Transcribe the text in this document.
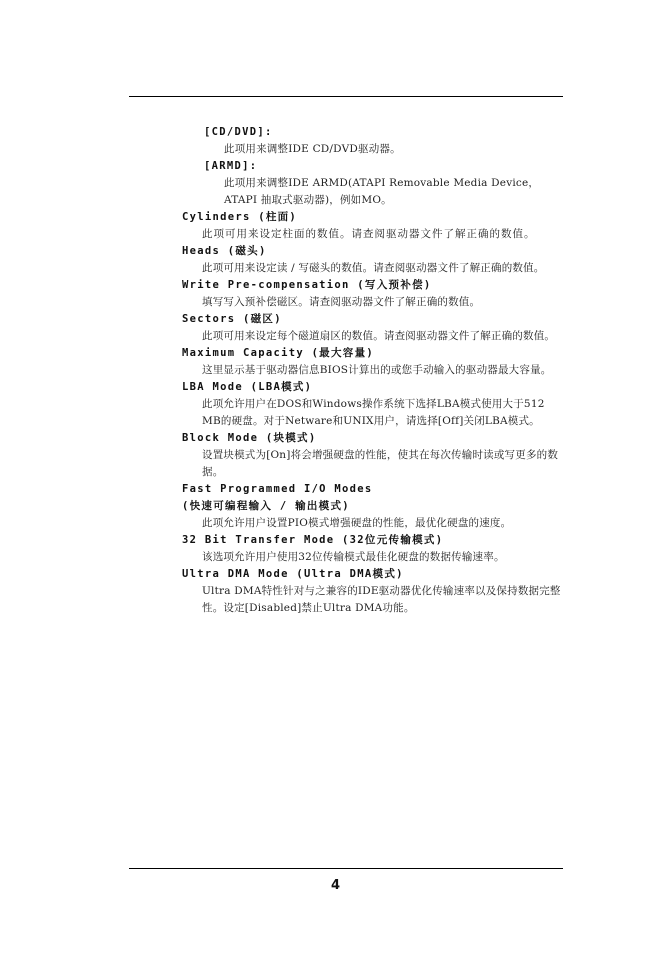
[CD/DVD]:
此项用来调整IDE CD/DVD驱动器。
[ARMD]:
此项用来调整IDE ARMD(ATAPI Removable Media Device，ATAPI 抽取式驱动器)，例如MO。
Cylinders (柱面)
此项可用来设定柱面的数值。请查阅驱动器文件了解正确的数值。
Heads (磁头)
此项可用来设定读 / 写磁头的数值。请查阅驱动器文件了解正确的数值。
Write Pre-compensation (写入预补偿)
填写写入预补偿磁区。请查阅驱动器文件了解正确的数值。
Sectors (磁区)
此项可用来设定每个磁道扇区的数值。请查阅驱动器文件了解正确的数值。
Maximum Capacity (最大容量)
这里显示基于驱动器信息BIOS计算出的或您手动输入的驱动器最大容量。
LBA Mode (LBA模式)
此项允许用户在DOS和Windows操作系统下选择LBA模式使用大于512 MB的硬盘。对于Netware和UNIX用户，请选择[Off]关闭LBA模式。
Block Mode (块模式)
设置块模式为[On]将会增强硬盘的性能，使其在每次传输时读或写更多的数据。
Fast Programmed I/O Modes
(快速可编程输入 / 输出模式)
此项允许用户设置PIO模式增强硬盘的性能，最优化硬盘的速度。
32 Bit Transfer Mode (32位元传输模式)
该选项允许用户使用32位传输模式最佳化硬盘的数据传输速率。
Ultra DMA Mode (Ultra DMA模式)
Ultra DMA特性针对与之兼容的IDE驱动器优化传输速率以及保持数据完整性。设定[Disabled]禁止Ultra DMA功能。
4
